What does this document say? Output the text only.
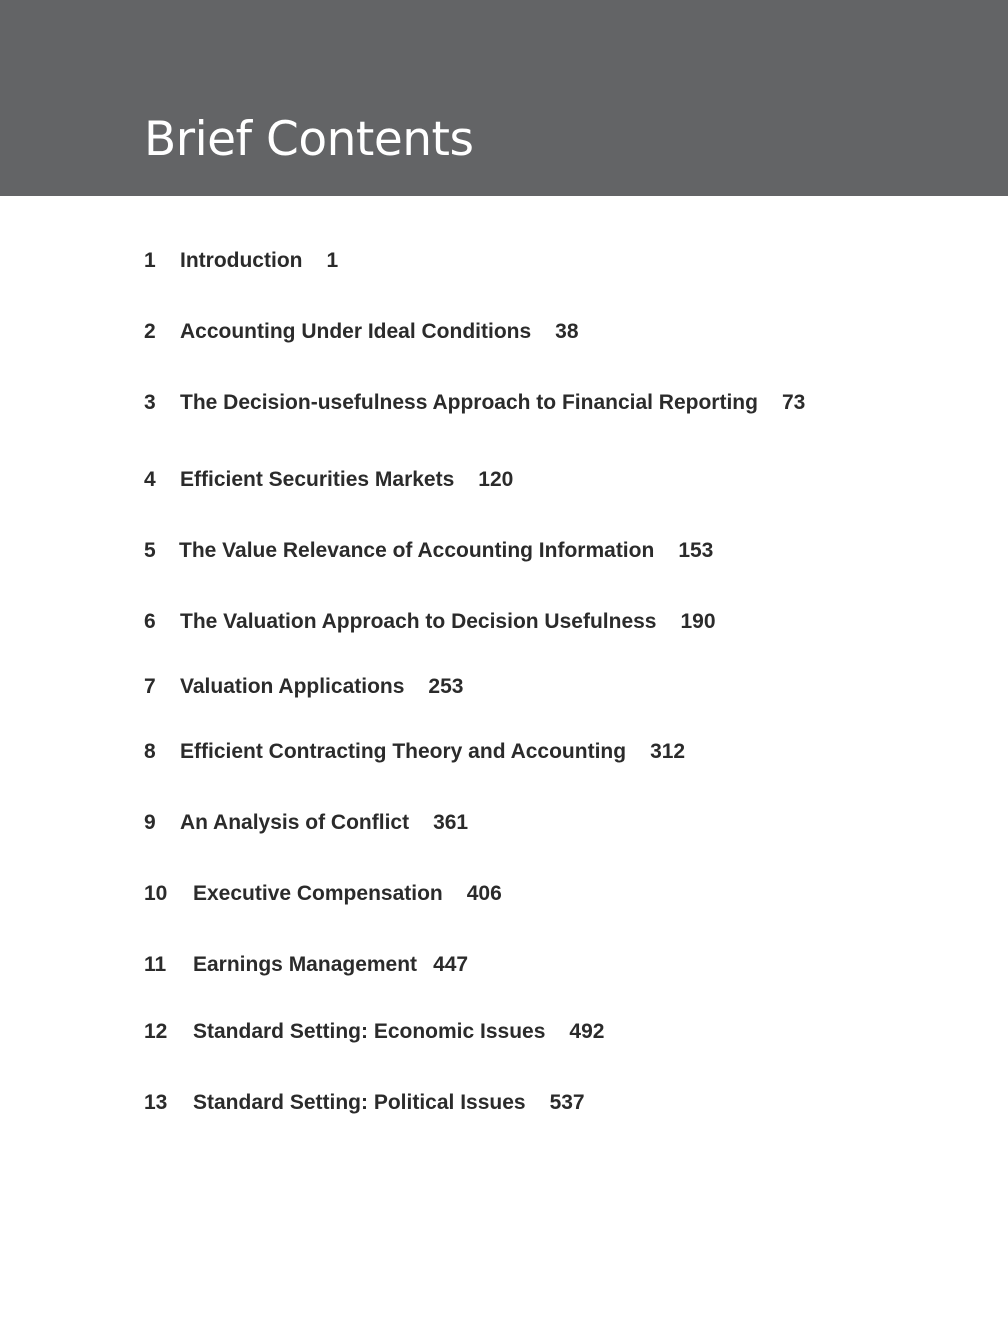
Brief Contents
1 Introduction 1
2 Accounting Under Ideal Conditions 38
3 The Decision-usefulness Approach to Financial Reporting 73
4 Efficient Securities Markets 120
5 The Value Relevance of Accounting Information 153
6 The Valuation Approach to Decision Usefulness 190
7 Valuation Applications 253
8 Efficient Contracting Theory and Accounting 312
9 An Analysis of Conflict 361
10 Executive Compensation 406
11 Earnings Management 447
12 Standard Setting: Economic Issues 492
13 Standard Setting: Political Issues 537
